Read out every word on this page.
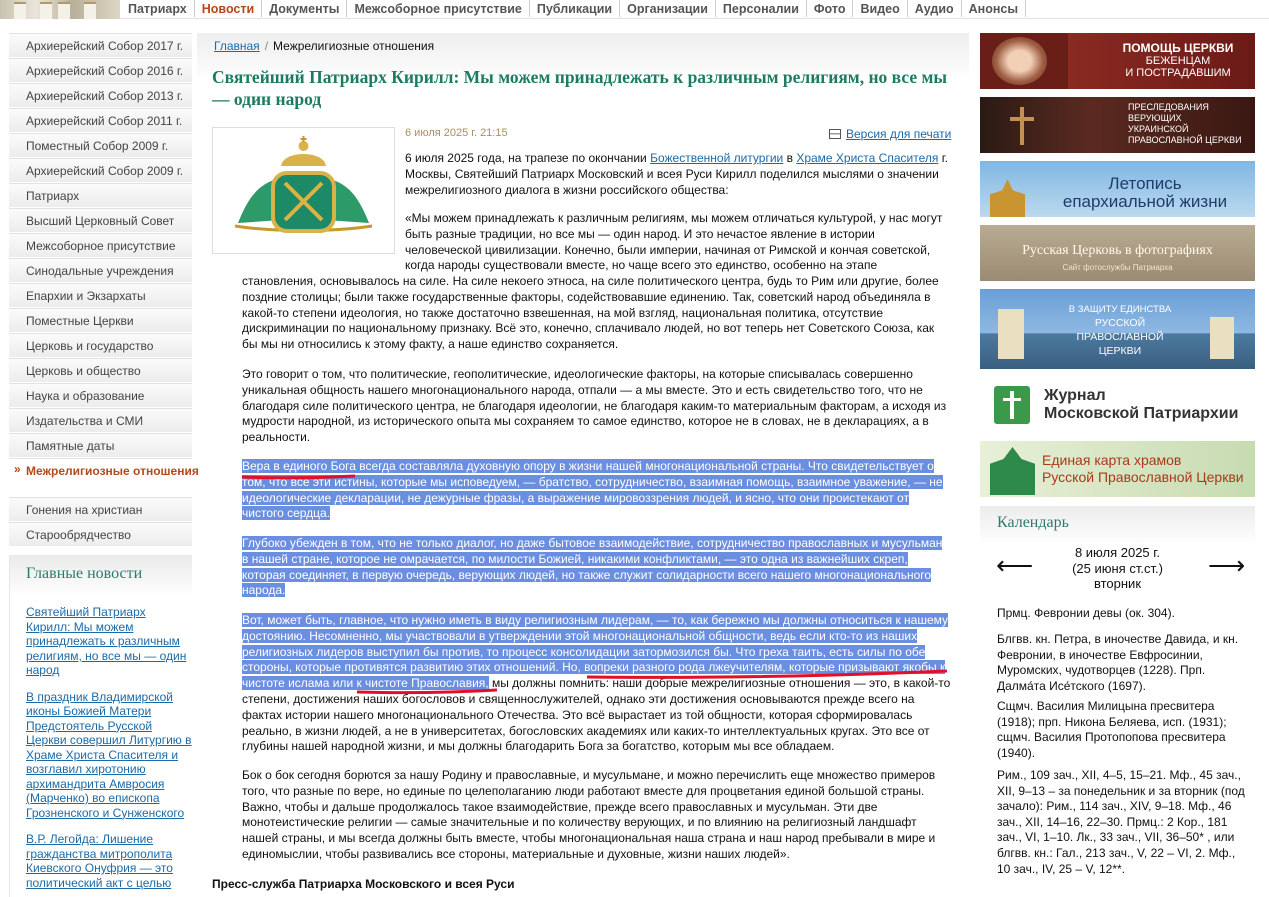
Патриарх	Новости	Документы	Межсоборное присутствие	Публикации	Организации	Персоналии	Фото	Видео	Аудио	Анонсы
Архиерейский Собор 2017 г.
Архиерейский Собор 2016 г.
Архиерейский Собор 2013 г.
Архиерейский Собор 2011 г.
Поместный Собор 2009 г.
Архиерейский Собор 2009 г.
Патриарх
Высший Церковный Совет
Межсоборное присутствие
Синодальные учреждения
Епархии и Экзархаты
Поместные Церкви
Церковь и государство
Церковь и общество
Наука и образование
Издательства и СМИ
Памятные даты
» Межрелигиозные отношения
Гонения на христиан
Старообрядчество
Главные новости
Святейший Патриарх Кирилл: Мы можем принадлежать к различным религиям, но все мы — один народ
В праздник Владимирской иконы Божией Матери Предстоятель Русской Церкви совершил Литургию в Храме Христа Спасителя и возглавил хиротонию архимандрита Амвросия (Марченко) во епископа Грозненского и Сунженского
В.Р. Легойда: Лишение гражданства митрополита Киевского Онуфрия — это политический акт с целью
Главная / Межрелигиозные отношения
Святейший Патриарх Кирилл: Мы можем принадлежать к различным религиям, но все мы — один народ
6 июля 2025 г. 21:15	Версия для печати
6 июля 2025 года, на трапезе по окончании Божественной литургии в Храме Христа Спасителя г. Москвы, Святейший Патриарх Московский и всея Руси Кирилл поделился мыслями о значении межрелигиозного диалога в жизни российского общества:
«Мы можем принадлежать к различным религиям, мы можем отличаться культурой, у нас могут
быть разные традиции, но все мы — один народ. И это нечастое явление в истории
человеческой цивилизации. Конечно, были империи, начиная от Римской и кончая советской,
когда народы существовали вместе, но чаще всего это единство, особенно на этапе
становления, основывалось на силе. На силе некоего этноса, на силе политического центра, будь то Рим или другие, более поздние столицы; были также государственные факторы, содействовавшие единению. Так, советский народ объединяла в какой-то степени идеология, но также достаточно взвешенная, на мой взгляд, национальная политика, отсутствие дискриминации по национальному признаку. Всё это, конечно, сплачивало людей, но вот теперь нет Советского Союза, как бы мы ни относились к этому факту, а наше единство сохраняется.
Это говорит о том, что политические, геополитические, идеологические факторы, на которые списывалась совершенно уникальная общность нашего многонационального народа, отпали — а мы вместе. Это и есть свидетельство того, что не благодаря силе политического центра, не благодаря идеологии, не благодаря каким-то материальным факторам, а исходя из мудрости народной, из исторического опыта мы сохраняем то самое единство, которое не в словах, не в декларациях, а в реальности.
Вера в единого Бога всегда составляла духовную опору в жизни нашей многонациональной страны. Что свидетельствует о том, что все эти истины, которые мы исповедуем, — братство, сотрудничество, взаимная помощь, взаимное уважение, — не идеологические декларации, не дежурные фразы, а выражение мировоззрения людей, и ясно, что они проистекают от чистого сердца.
Глубоко убежден в том, что не только диалог, но даже бытовое взаимодействие, сотрудничество православных и мусульман в нашей стране, которое не омрачается, по милости Божией, никакими конфликтами, — это одна из важнейших скреп, которая соединяет, в первую очередь, верующих людей, но также служит солидарности всего нашего многонационального народа.
Вот, может быть, главное, что нужно иметь в виду религиозным лидерам, — то, как бережно мы должны относиться к нашему достоянию. Несомненно, мы участвовали в утверждении этой многонациональной общности, ведь если кто-то из наших религиозных лидеров выступил бы против, то процесс консолидации затормозился бы. Что греха таить, есть силы по обе стороны, которые противятся развитию этих отношений. Но, вопреки разного рода лжеучителям, которые призывают якобы к чистоте ислама или к чистоте Православия, мы должны помнить: наши добрые межрелигиозные отношения — это, в какой-то степени, достижения наших богословов и священнослужителей, однако эти достижения основываются прежде всего на фактах истории нашего многонационального Отечества. Это всё вырастает из той общности, которая сформировалась реально, в жизни людей, а не в университетах, богословских академиях или каких-то интеллектуальных кругах. Это все от глубины нашей народной жизни, и мы должны благодарить Бога за богатство, которым мы все обладаем.
Бок о бок сегодня борются за нашу Родину и православные, и мусульмане, и можно перечислить еще множество примеров того, что разные по вере, но единые по целеполаганию люди работают вместе для процветания единой большой страны. Важно, чтобы и дальше продолжалось такое взаимодействие, прежде всего православных и мусульман. Эти две монотеистические религии — самые значительные и по количеству верующих, и по влиянию на религиозный ландшафт нашей страны, и мы всегда должны быть вместе, чтобы многонациональная наша страна и наш народ пребывали в мире и единомыслии, чтобы развивались все стороны, материальные и духовные, жизни наших людей».
Пресс-служба Патриарха Московского и всея Руси
ПОМОЩЬ ЦЕРКВИ
БЕЖЕНЦАМ
И ПОСТРАДАВШИМ
ПРЕСЛЕДОВАНИЯ
ВЕРУЮЩИХ
УКРАИНСКОЙ
ПРАВОСЛАВНОЙ ЦЕРКВИ
Летопись
епархиальной жизни
Русская Церковь в фотографиях
Сайт фотослужбы Патриарха
В ЗАЩИТУ ЕДИНСТВА
РУССКОЙ
ПРАВОСЛАВНОЙ
ЦЕРКВИ
Журнал
Московской Патриархии
Единая карта храмов
Русской Православной Церкви
Календарь
⟵	8 июля 2025 г.
(25 июня ст.ст.)
вторник
⟶
Прмц. Февронии девы (ок. 304).
Блгвв. кн. Петра, в иночестве Давида, и кн. Февронии, в иночестве Евфросинии, Муромских, чудотворцев (1228). Прп. Далма́та Исе́тского (1697).
Сщмч. Василия Милицына пресвитера (1918); прп. Никона Беляева, исп. (1931); сщмч. Василия Протопопова пресвитера (1940).
Рим., 109 зач., XII, 4–5, 15–21. Мф., 45 зач., XII, 9–13 – за понедельник и за вторник (под зачало): Рим., 114 зач., XIV, 9–18. Мф., 46 зач., XII, 14–16, 22–30. Прмц.: 2 Кор., 181 зач., VI, 1–10. Лк., 33 зач., VII, 36–50* , или блгвв. кн.: Гал., 213 зач., V, 22 – VI, 2. Мф., 10 зач., IV, 25 – V, 12**.
